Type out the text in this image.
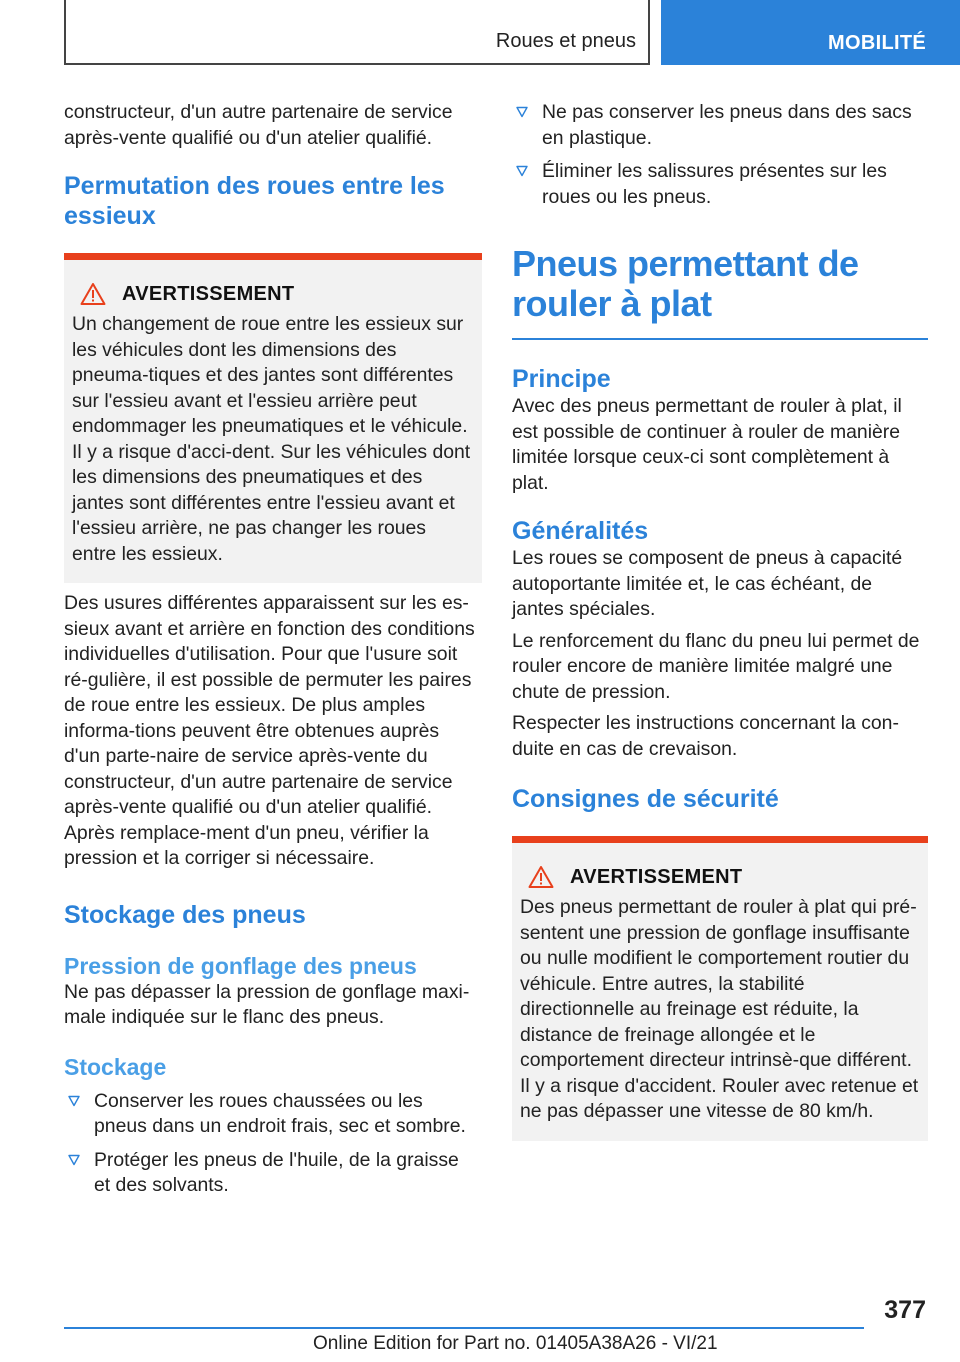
Roues et pneus	MOBILITÉ

constructeur, d'un autre partenaire de service après-vente qualifié ou d'un atelier qualifié.

Permutation des roues entre les essieux
AVERTISSEMENT

Un changement de roue entre les essieux sur les véhicules dont les dimensions des pneuma-tiques et des jantes sont différentes sur l'essieu avant et l'essieu arrière peut endommager les pneumatiques et le véhicule. Il y a risque d'acci-dent. Sur les véhicules dont les dimensions des pneumatiques et des jantes sont différentes entre l'essieu avant et l'essieu arrière, ne pas changer les roues entre les essieux.

Des usures différentes apparaissent sur les es-sieux avant et arrière en fonction des conditions individuelles d'utilisation. Pour que l'usure soit ré-gulière, il est possible de permuter les paires de roue entre les essieux. De plus amples informa-tions peuvent être obtenues auprès d'un parte-naire de service après-vente du constructeur, d'un autre partenaire de service après-vente qualifié ou d'un atelier qualifié. Après remplace-ment d'un pneu, vérifier la pression et la corriger si nécessaire.

Stockage des pneus
Pression de gonflage des pneus

Ne pas dépasser la pression de gonflage maxi-male indiquée sur le flanc des pneus.

Stockage
Conserver les roues chaussées ou les pneus dans un endroit frais, sec et sombre.
Protéger les pneus de l'huile, de la graisse et des solvants.
Ne pas conserver les pneus dans des sacs en plastique.
Éliminer les salissures présentes sur les roues ou les pneus.
Pneus permettant de rouler à plat
Principe

Avec des pneus permettant de rouler à plat, il est possible de continuer à rouler de manière limitée lorsque ceux-ci sont complètement à plat.

Généralités

Les roues se composent de pneus à capacité autoportante limitée et, le cas échéant, de jantes spéciales.

Le renforcement du flanc du pneu lui permet de rouler encore de manière limitée malgré une chute de pression.

Respecter les instructions concernant la con-duite en cas de crevaison.

Consignes de sécurité
AVERTISSEMENT

Des pneus permettant de rouler à plat qui pré-sentent une pression de gonflage insuffisante ou nulle modifient le comportement routier du véhicule. Entre autres, la stabilité directionnelle au freinage est réduite, la distance de freinage allongée et le comportement directeur intrinsè-que différent. Il y a risque d'accident. Rouler avec retenue et ne pas dépasser une vitesse de 80 km/h.

377
Online Edition for Part no. 01405A38A26 - VI/21
